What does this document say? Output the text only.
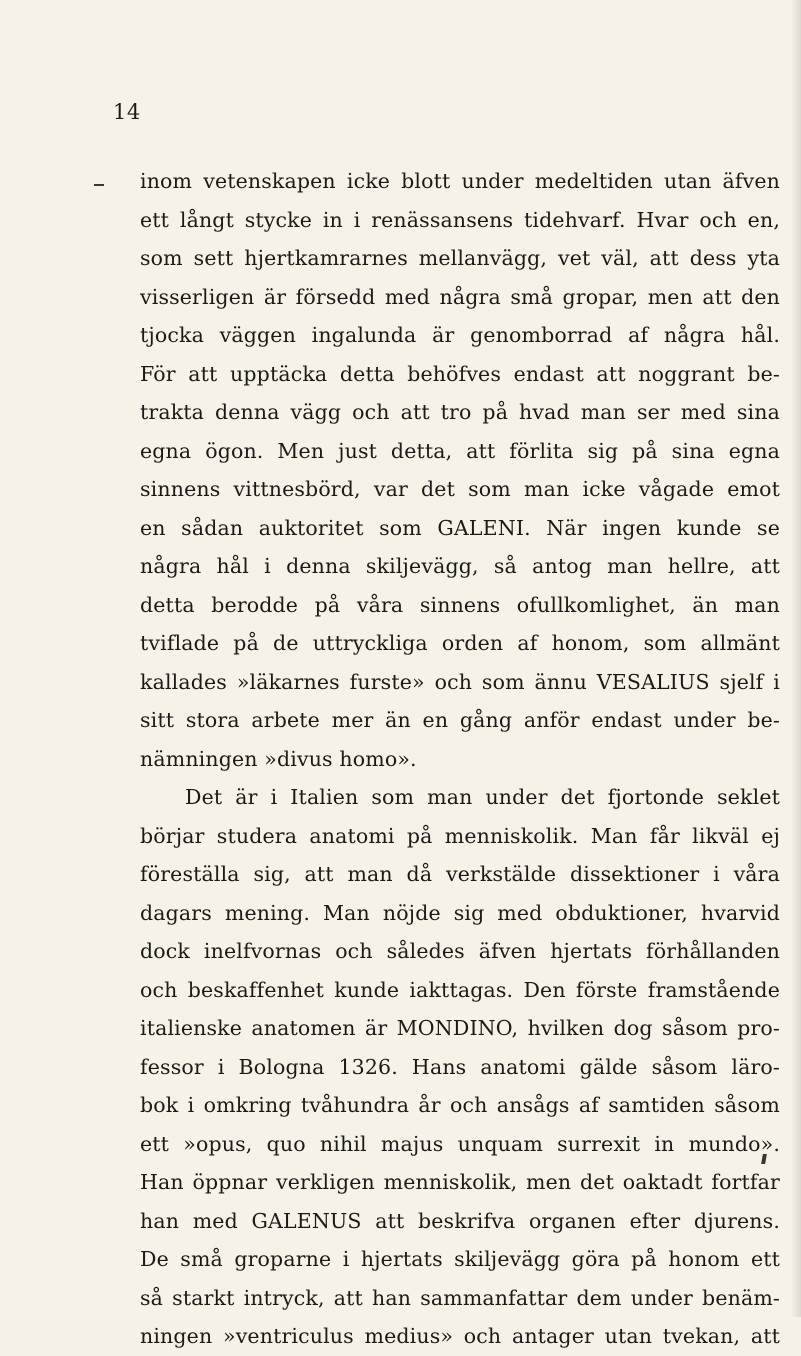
14
inom vetenskapen icke blott under medeltiden utan äfven
ett långt stycke in i renässansens tidehvarf. Hvar och en,
som sett hjertkamrarnes mellanvägg, vet väl, att dess yta
visserligen är försedd med några små gropar, men att den
tjocka väggen ingalunda är genomborrad af några hål.
För att upptäcka detta behöfves endast att noggrant be-
trakta denna vägg och att tro på hvad man ser med sina
egna ögon. Men just detta, att förlita sig på sina egna
sinnens vittnesbörd, var det som man icke vågade emot
en sådan auktoritet som GALENI. När ingen kunde se
några hål i denna skiljevägg, så antog man hellre, att
detta berodde på våra sinnens ofullkomlighet, än man
tviflade på de uttryckliga orden af honom, som allmänt
kallades »läkarnes furste» och som ännu VESALIUS sjelf i
sitt stora arbete mer än en gång anför endast under be-
nämningen »divus homo».
Det är i Italien som man under det fjortonde seklet
börjar studera anatomi på menniskolik. Man får likväl ej
föreställa sig, att man då verkstälde dissektioner i våra
dagars mening. Man nöjde sig med obduktioner, hvarvid
dock inelfvornas och således äfven hjertats förhållanden
och beskaffenhet kunde iakttagas. Den förste framstående
italienske anatomen är MONDINO, hvilken dog såsom pro-
fessor i Bologna 1326. Hans anatomi gälde såsom läro-
bok i omkring tvåhundra år och ansågs af samtiden såsom
ett »opus, quo nihil majus unquam surrexit in mundo».
Han öppnar verkligen menniskolik, men det oaktadt fortfar
han med GALENUS att beskrifva organen efter djurens.
De små groparne i hjertats skiljevägg göra på honom ett
så starkt intryck, att han sammanfattar dem under benäm-
ningen »ventriculus medius» och antager utan tvekan, att
